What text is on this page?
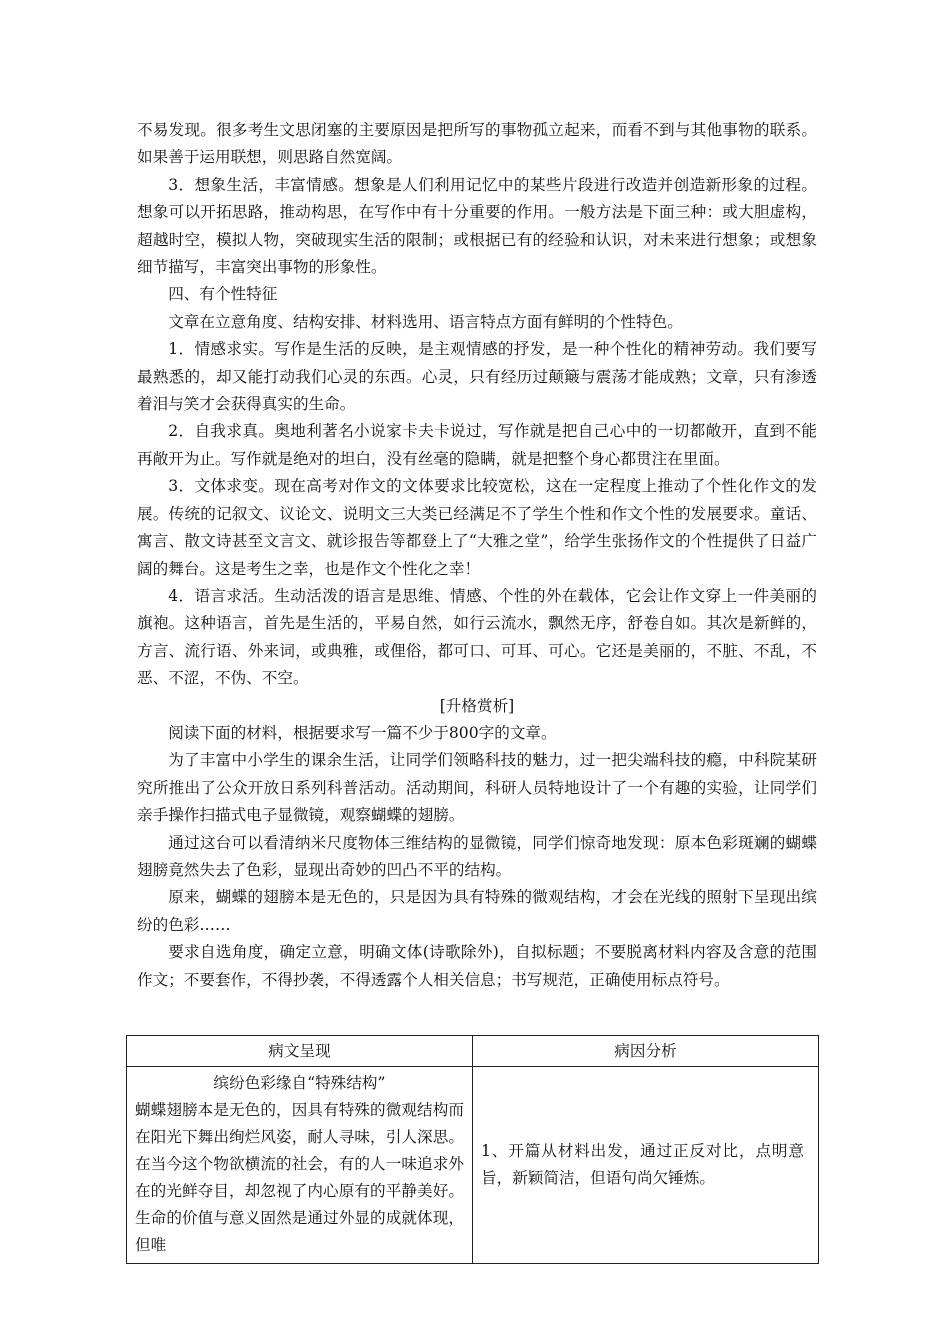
不易发现。很多考生文思闭塞的主要原因是把所写的事物孤立起来，而看不到与其他事物的联系。如果善于运用联想，则思路自然宽阔。

3．想象生活，丰富情感。想象是人们利用记忆中的某些片段进行改造并创造新形象的过程。想象可以开拓思路，推动构思，在写作中有十分重要的作用。一般方法是下面三种：或大胆虚构，超越时空，模拟人物，突破现实生活的限制；或根据已有的经验和认识，对未来进行想象；或想象细节描写，丰富突出事物的形象性。

四、有个性特征

文章在立意角度、结构安排、材料选用、语言特点方面有鲜明的个性特色。

1．情感求实。写作是生活的反映，是主观情感的抒发，是一种个性化的精神劳动。我们要写最熟悉的，却又能打动我们心灵的东西。心灵，只有经历过颠簸与震荡才能成熟；文章，只有渗透着泪与笑才会获得真实的生命。

2．自我求真。奥地利著名小说家卡夫卡说过，写作就是把自己心中的一切都敞开，直到不能再敞开为止。写作就是绝对的坦白，没有丝毫的隐瞒，就是把整个身心都贯注在里面。

3．文体求变。现在高考对作文的文体要求比较宽松，这在一定程度上推动了个性化作文的发展。传统的记叙文、议论文、说明文三大类已经满足不了学生个性和作文个性的发展要求。童话、寓言、散文诗甚至文言文、就诊报告等都登上了“大雅之堂”，给学生张扬作文的个性提供了日益广阔的舞台。这是考生之幸，也是作文个性化之幸！

4．语言求活。生动活泼的语言是思维、情感、个性的外在载体，它会让作文穿上一件美丽的旗袍。这种语言，首先是生活的，平易自然，如行云流水，飘然无序，舒卷自如。其次是新鲜的，方言、流行语、外来词，或典雅，或俚俗，都可口、可耳、可心。它还是美丽的，不脏、不乱，不恶、不涩，不伪、不空。

[升格赏析]

阅读下面的材料，根据要求写一篇不少于800字的文章。

为了丰富中小学生的课余生活，让同学们领略科技的魅力，过一把尖端科技的瘾，中科院某研究所推出了公众开放日系列科普活动。活动期间，科研人员特地设计了一个有趣的实验，让同学们亲手操作扫描式电子显微镜，观察蝴蝶的翅膀。

通过这台可以看清纳米尺度物体三维结构的显微镜，同学们惊奇地发现：原本色彩斑斓的蝴蝶翅膀竟然失去了色彩，显现出奇妙的凹凸不平的结构。

原来，蝴蝶的翅膀本是无色的，只是因为具有特殊的微观结构，才会在光线的照射下呈现出缤纷的色彩……

要求自选角度，确定立意，明确文体(诗歌除外)，自拟标题；不要脱离材料内容及含意的范围作文；不要套作，不得抄袭，不得透露个人相关信息；书写规范，正确使用标点符号。

病文呈现	病因分析

缤纷色彩缘自“特殊结构”
蝴蝶翅膀本是无色的，因具有特殊的微观结构而在阳光下舞出绚烂风姿，耐人寻味，引人深思。在当今这个物欲横流的社会，有的人一味追求外在的光鲜夺目，却忽视了内心原有的平静美好。生命的价值与意义固然是通过外显的成就体现，但唯	1、开篇从材料出发，通过正反对比，点明意旨，新颖简洁，但语句尚欠锤炼。
